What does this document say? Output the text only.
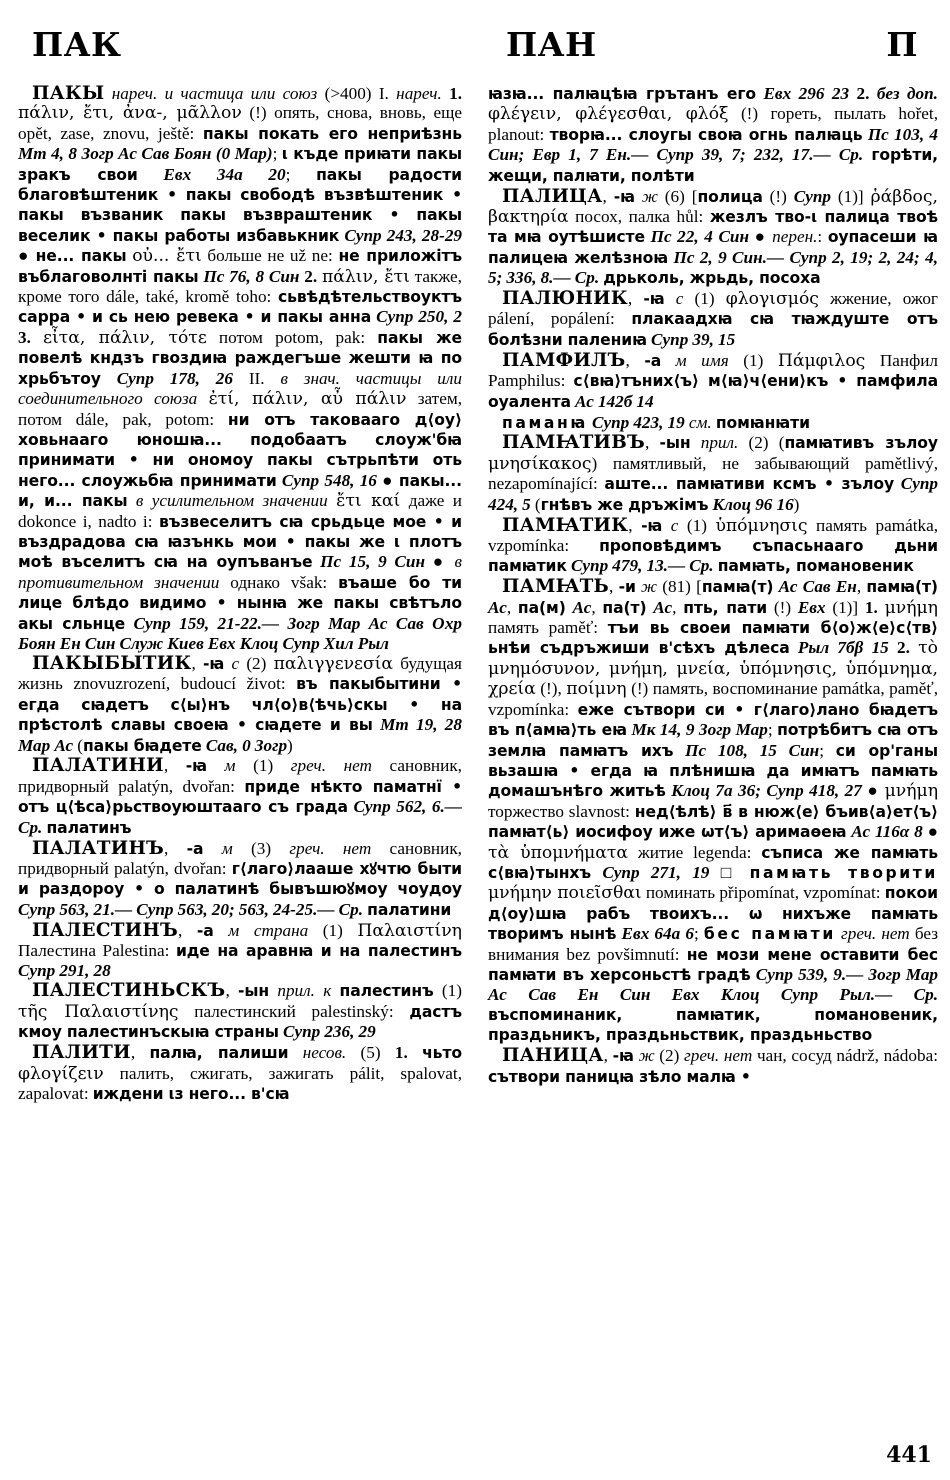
ПАК	ПАН	П

ПАКЫ нареч. и частица или союз (>400) I. нареч. 1. πάλιν, ἔτι, ἀνα-, μᾶλλον (!) опять, снова, вновь, еще opět, zase, znovu, ještě: пакы покать его неприѣзнь Мт 4, 8 Зогр Ас Сав Боян (0 Мар); ι къде приꙗти пакы зракъ свои Евх 34а 20; пакы радости благовѣштеник • пакы свободѣ възвѣштеник • пакы възваник пакы възвраштеник • пакы веселик • пакы работы избавькник Супр 243, 28-29 ● не... пакы οὐ... ἔτι больше не už ne: не приложітъ въблаговолнті пакы Пс 76, 8 Син 2. πάλιν, ἔτι также, кроме того dále, také, kromě toho: сьвѣдѣтельствоуктъ сарра • и сь нею ревека • и пакы анна Супр 250, 2 3. εἶτα, πάλιν, τότε потом potom, pak: пакы же повелѣ кндзъ гвоздиꙗ раждегъше жешти ꙗ по хрьбътоу Супр 178, 26 II. в знач. частицы или соединительного союза ἐτί, πάλιν, αὖ πάλιν затем, потом dále, pak, potom: ни отъ таковааго д⟨оу⟩ховьнааго юношꙗ... подобаатъ слоуж'бꙗ принимати • ни ономоу пакы сътрьпѣти оть него... слоужьбꙗ принимати Супр 548, 16 ● пакы... и, и... пакы в усилительном значении ἔτι καί даже и dokonce i, nadto i: възвеселитъ сꙗ срьдьце мое • и въздрадова сꙗ ꙗзънкь мои • пакы же ι плотъ моѣ въселитъ сꙗ на оупъванъе Пс 15, 9 Син ● в противительном значении однако však: въаше бо ти лице блѣдо видимо • нынꙗ же пакы свѣтъло акы сльнце Супр 159, 21-22.— Зогр Мар Ас Сав Охр Боян Ен Син Служ Киев Евх Клоц Супр Хил Рыл

ПАКЫБЫТИК, -ꙗ с (2) παλιγγενεσία будущая жизнь znovuzrození, budoucí život: въ пакыбытини • егда сꙗдетъ с⟨ы⟩нъ чл⟨о⟩в⟨ѣчь⟩скы • на прѣстолѣ славы своеꙗ • сꙗдете и вы Мт 19, 28 Мар Ас (пакы бꙗдете Сав, 0 Зогр)

ПАЛАТИНИ, -ꙗ м (1) греч. нет сановник, придворный palatýn, dvořan: приде нѣкто паматнї • отъ ц⟨ѣса⟩рьствоуюштааго съ града Супр 562, 6.— Ср. палатинъ

ПАЛАТИНЪ, -а м (3) греч. нет сановник, придворный palatýn, dvořan: г⟨лаго⟩лааше хꙋчтю быти и раздороу • о палатинѣ бывъшюꙋмоу чоудоу Супр 563, 21.— Супр 563, 20; 563, 24-25.— Ср. палатини

ПАЛЕСТИНЪ, -а м страна (1) Παλαιστίνη Палестина Palestina: иде на аравнꙗ и на палестинъ Супр 291, 28

ПАЛЕСТИНЬСКЪ, -ын прил. к палестинъ (1) τῆς Παλαιστίνης палестинский palestinský: дастъ кмоу палестинъскыꙗ страны Супр 236, 29

ПАЛИТИ, палꙗ, палиши несов. (5) 1. чьто φλογίζειν палить, сжигать, зажигать pálit, spalovat, zapalovat: иждени ιз него... в'сꙗ

ꙗзꙗ... палꙗцѣꙗ грътанъ его Евх 296 23 2. без доп. φλέγειν, φλέγεσθαι, φλόξ (!) гореть, пылать hořet, planout: творꙗ... слоугы своꙗ огнь палꙗць Пс 103, 4 Син; Евр 1, 7 Ен.— Супр 39, 7; 232, 17.— Ср. горѣти, жещи, палꙗти, полѣти

ПАЛИЦА, -ꙗ ж (6) [полица (!) Супр (1)] ῥάβδος, βακτηρία посох, палка hůl: жезлъ тво-ι палица твоѣ та мꙗ оутѣшисте Пс 22, 4 Син ● перен.: оупасеши ꙗ палицеꙗ желѣзноꙗ Пс 2, 9 Син.— Супр 2, 19; 2, 24; 4, 5; 336, 8.— Ср. дрьколь, жрьдь, посоха

ПАЛЮНИК, -ꙗ с (1) φλογισμός жжение, ожог pálení, popálení: плакаадхꙗ сꙗ тꙗждуште отъ болѣзни палениꙗ Супр 39, 15

ПАМФИЛЪ, -а м имя (1) Πάμφιλος Панфил Pamphilus: с⟨вꙗ⟩тъних⟨ъ⟩ м⟨ꙗ⟩ч⟨ени⟩къ • памфила оуалента Ас 142б 14

паманꙗ Супр 423, 19 см. помꙗнꙗти

ПАМꙖТИВЪ, -ын прил. (2) (памꙗтивъ зълоу μνησίκακος) памятливый, не забывающий pamětlivý, nezapomínající: аште... памꙗтиви ксмъ • зълоу Супр 424, 5 (гнѣвъ же дръжімъ Клоц 96 16)

ПАМꙖТИК, -ꙗ с (1) ὑπόμνησις память památka, vzpomínka: проповѣдимъ съпасьнааго дьни памꙗтик Супр 479, 13.— Ср. памꙗть, помановеник

ПАМꙖТЬ, -и ж (81) [памꙗ(т) Ас Сав Ен, памꙗ(т) Ас, па(м) Ас, па(т) Ас, пть, пати (!) Евх (1)] 1. μνήμη память paměť: тъи вь своеи памꙗти б⟨о⟩ж⟨е⟩с⟨тв⟩ьнѣи съдръжиши в'сѣхъ дѣлеса Рыл 7бβ 15 2. τὸ μνημόσυνον, μνήμη, μνεία, ὑπόμνησις, ὑπόμνημα, χρεία (!), ποίμνη (!) память, воспоминание památka, paměť, vzpomínka: еже сътвори си • г⟨лаго⟩лано бꙗдетъ въ п⟨амꙗ⟩ть еꙗ Мк 14, 9 Зогр Мар; потрѣбитъ сꙗ отъ землꙗ памꙗтъ ихъ Пс 108, 15 Син; си ор'ганы вьзашꙗ • егда ꙗ плѣнишꙗ да имꙗтъ памꙗть домашънѣго житьѣ Клоц 7а 36; Супр 418, 27 ● μνήμη торжество slavnost: нед⟨ѣлѣ⟩ в҃ в нюж⟨е⟩ бъив⟨а⟩ет⟨ъ⟩ памꙗт⟨ь⟩ иосифоу иже ѡт⟨ъ⟩ аримаѳеꙗ Ас 116α 8 ● τὰ ὑπομνήματα житие legenda: съписа же памꙗть с⟨вꙗ⟩тынхъ Супр 271, 19 □	памꙗть творити μνήμην ποιεῖσθαι поминать připomínat, vzpomínat: покои д⟨оу⟩шꙗ рабъ твоихъ... ѡ нихъже памꙗть творимъ нынѣ Евх 64а 6; бес памꙗти греч. нет без внимания bez povšimnutí: не мози мене оставити бес памꙗти въ херсоньстѣ градѣ Супр 539, 9.— Зогр Мар Ас Сав Ен Син Евх Клоц Супр Рыл.— Ср. въспоминаник, памꙗтик, помановеник, праздьникъ, праздьньствик, праздьньство

ПАНИЦА, -ꙗ ж (2) греч. нет чан, сосуд nádrž, nádoba: сътвори паницꙗ зѣло малꙗ •

441
